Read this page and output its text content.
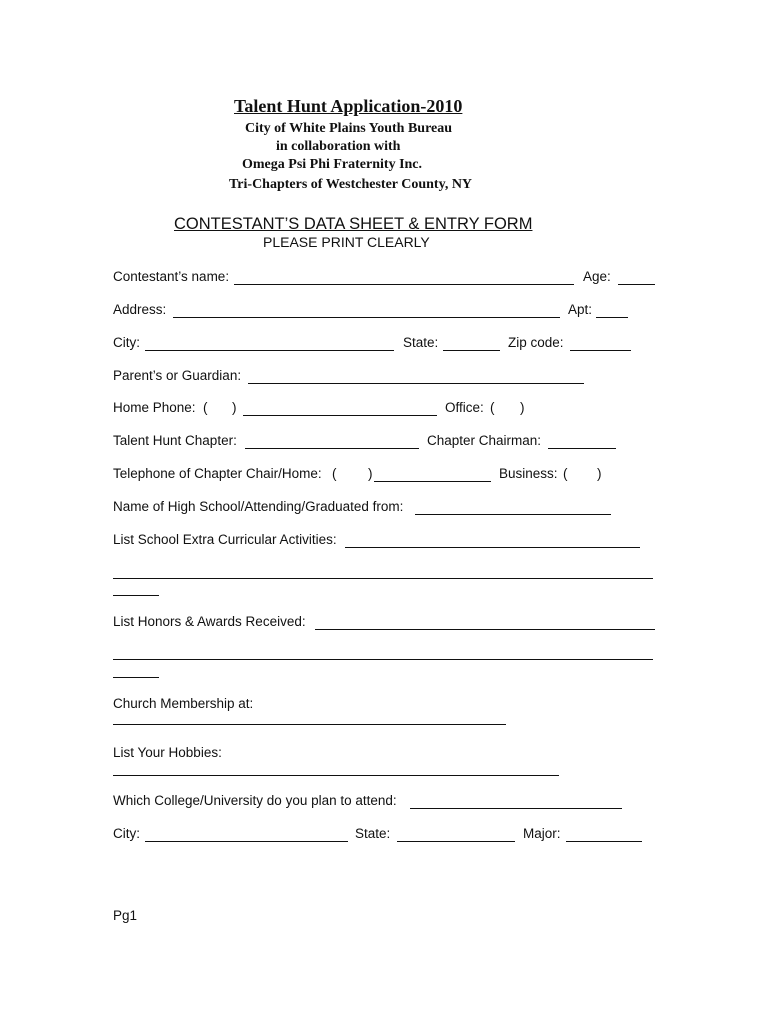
Talent Hunt Application-2010
City of White Plains Youth Bureau
in collaboration with
Omega Psi Phi Fraternity Inc.
Tri-Chapters of Westchester County, NY
CONTESTANT’S DATA SHEET & ENTRY FORM
PLEASE PRINT CLEARLY
Contestant’s name:	Age:
Address:	Apt:
City:	State:	Zip code:
Parent’s or Guardian:
Home Phone: ( )	Office: ( )
Talent Hunt Chapter:	Chapter Chairman:
Telephone of Chapter Chair/Home: ( )	Business: ( )
Name of High School/Attending/Graduated from:
List School Extra Curricular Activities:
List Honors & Awards Received:
Church Membership at:
List Your Hobbies:
Which College/University do you plan to attend:
City:	State:	Major:
Pg1
